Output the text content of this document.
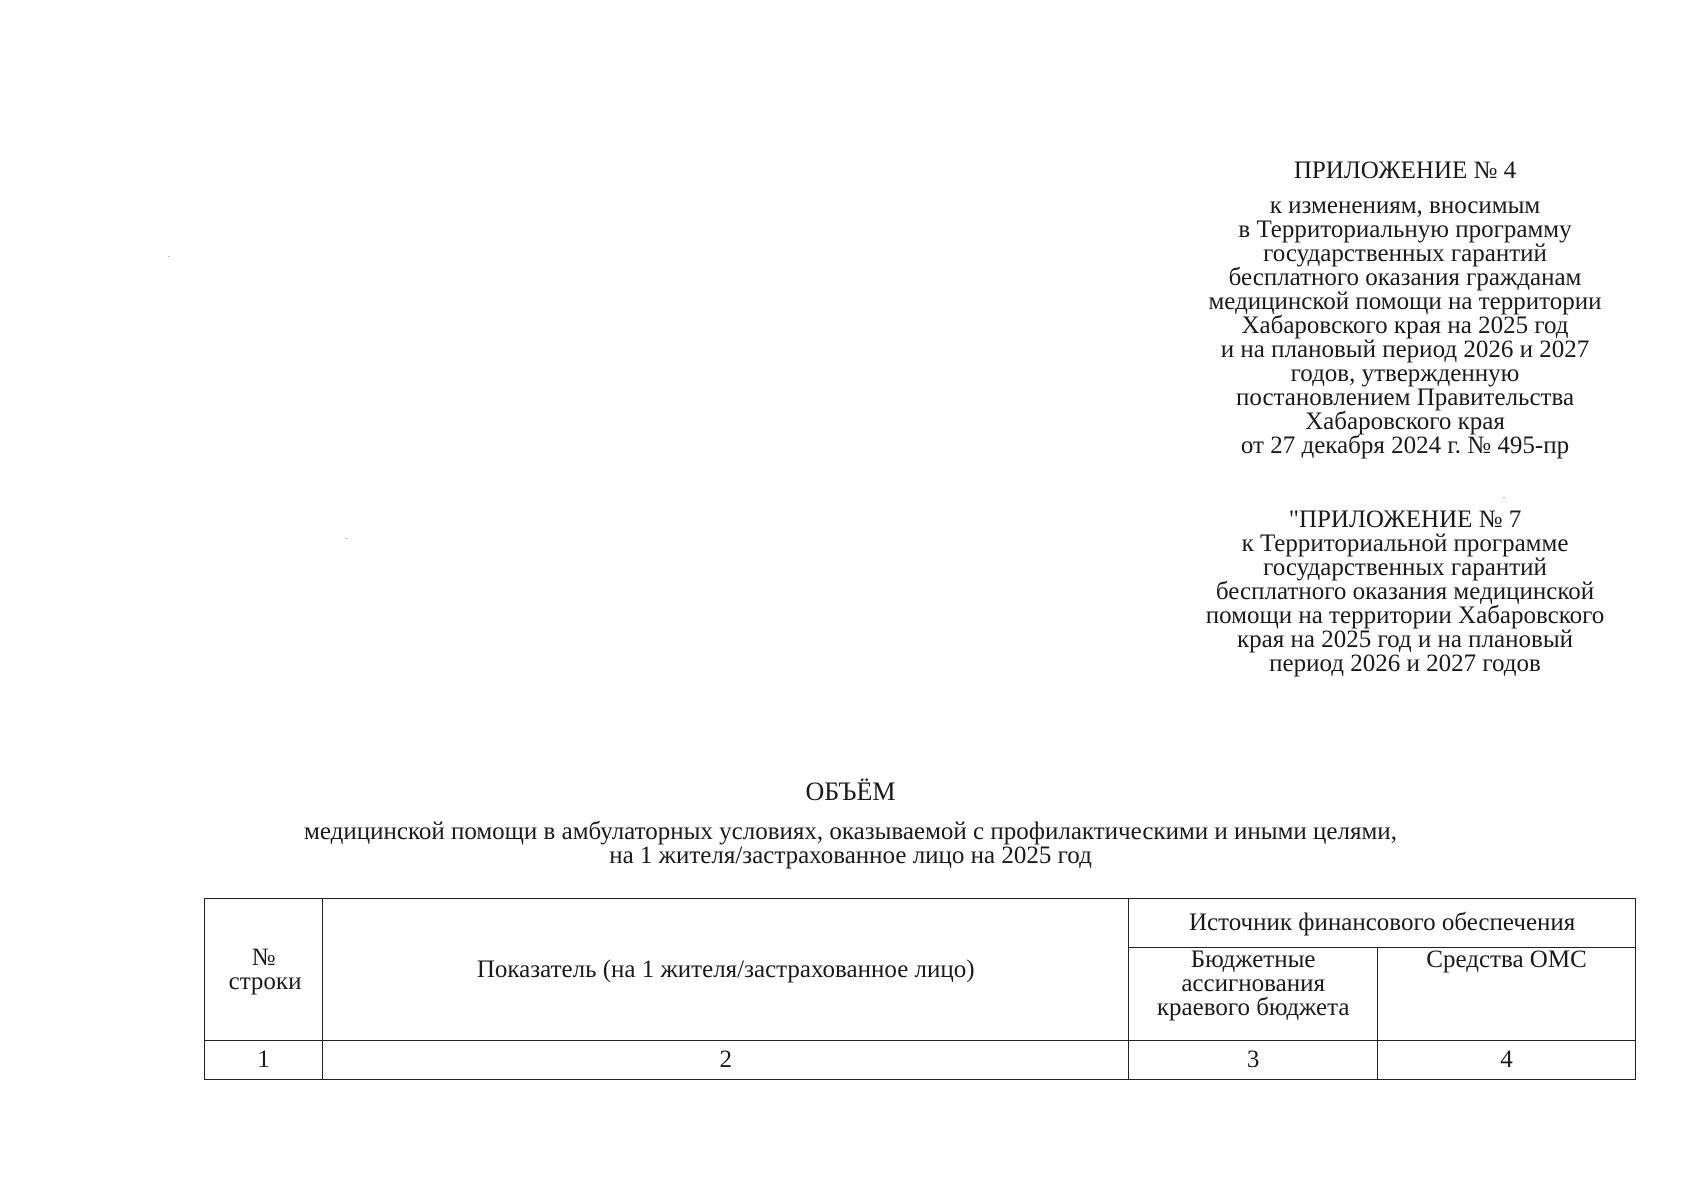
ПРИЛОЖЕНИЕ № 4
к изменениям, вносимым
в Территориальную программу
государственных гарантий
бесплатного оказания гражданам
медицинской помощи на территории
Хабаровского края на 2025 год
и на плановый период 2026 и 2027
годов, утвержденную
постановлением Правительства
Хабаровского края
от 27 декабря 2024 г. № 495-пр
"ПРИЛОЖЕНИЕ № 7
к Территориальной программе
государственных гарантий
бесплатного оказания медицинской
помощи на территории Хабаровского
края на 2025 год и на плановый
период 2026 и 2027 годов
ОБЪЁМ
медицинской помощи в амбулаторных условиях, оказываемой с профилактическими и иными целями,
на 1 жителя/застрахованное лицо на 2025 год
№ строки	Показатель (на 1 жителя/застрахованное лицо)	Источник финансового обеспечения	
		Бюджетные ассигнования краевого бюджета	Средства ОМС
1	2	3	4
